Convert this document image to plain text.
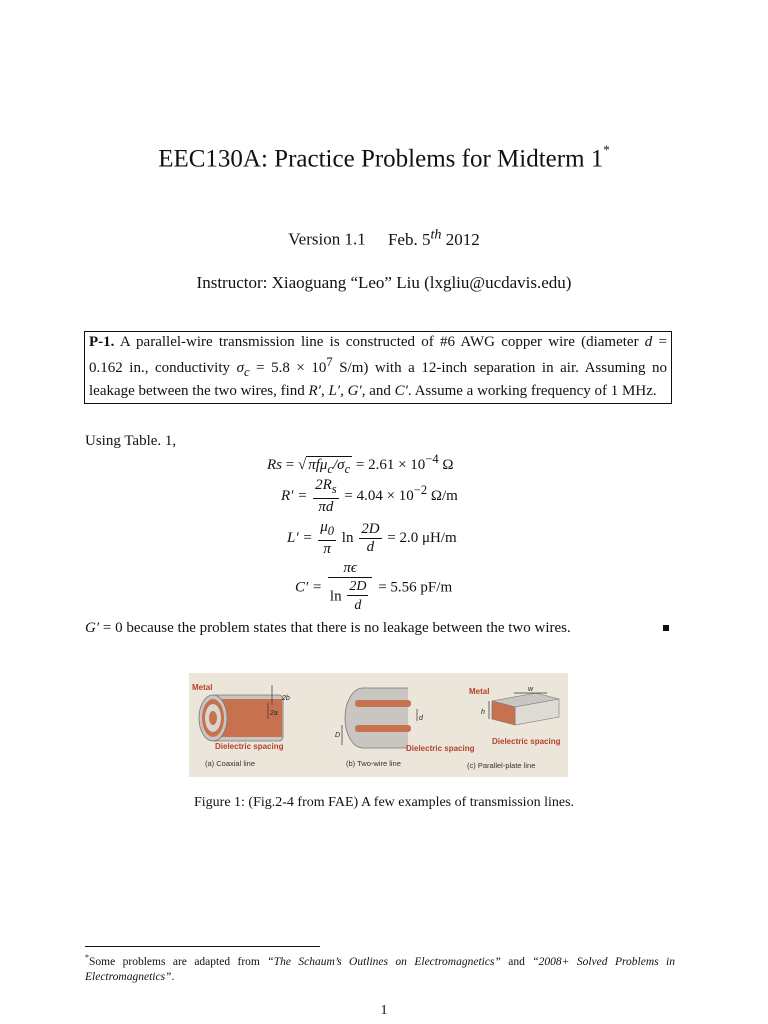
EEC130A: Practice Problems for Midterm 1*
Version 1.1 Feb. 5th 2012
Instructor: Xiaoguang “Leo” Liu (lxgliu@ucdavis.edu)
P-1. A parallel-wire transmission line is constructed of #6 AWG copper wire (diameter d = 0.162 in., conductivity $\sigma_c = 5.8 \times 10^7$ S/m) with a 12-inch separation in air. Assuming no leakage between the two wires, find R′, L′, G′, and C′. Assume a working frequency of 1 MHz.
Using Table. 1,
Rs = √ $\pi f\mu_c/\sigma_c = 2.61 \times 10^{-4}$ Ω
$R' = \frac{2R_s}{\pi d} = 4.04 \times 10^{-2}$ Ω/m
$L' = \frac{\mu_0}{\pi}$ $\ln \frac{2D}{d} = 2.0$ μH/m
$C' = \frac{\pi\epsilon}{\ln \frac{2D}{d}} = 5.56$ pF/m
G′ = 0 because the problem states that there is no leakage between the two wires.
Metal
2b
2a
Dielectric spacing
(a) Coaxial line
d
D
Dielectric spacing
(b) Two-wire line
Metal	w
h
Dielectric spacing
(c) Parallel-plate line
Figure 1: (Fig.2-4 from FAE) A few examples of transmission lines.
*Some problems are adapted from “The Schaum’s Outlines on Electromagnetics” and “2008+ Solved Problems in Electromagnetics”.
1
